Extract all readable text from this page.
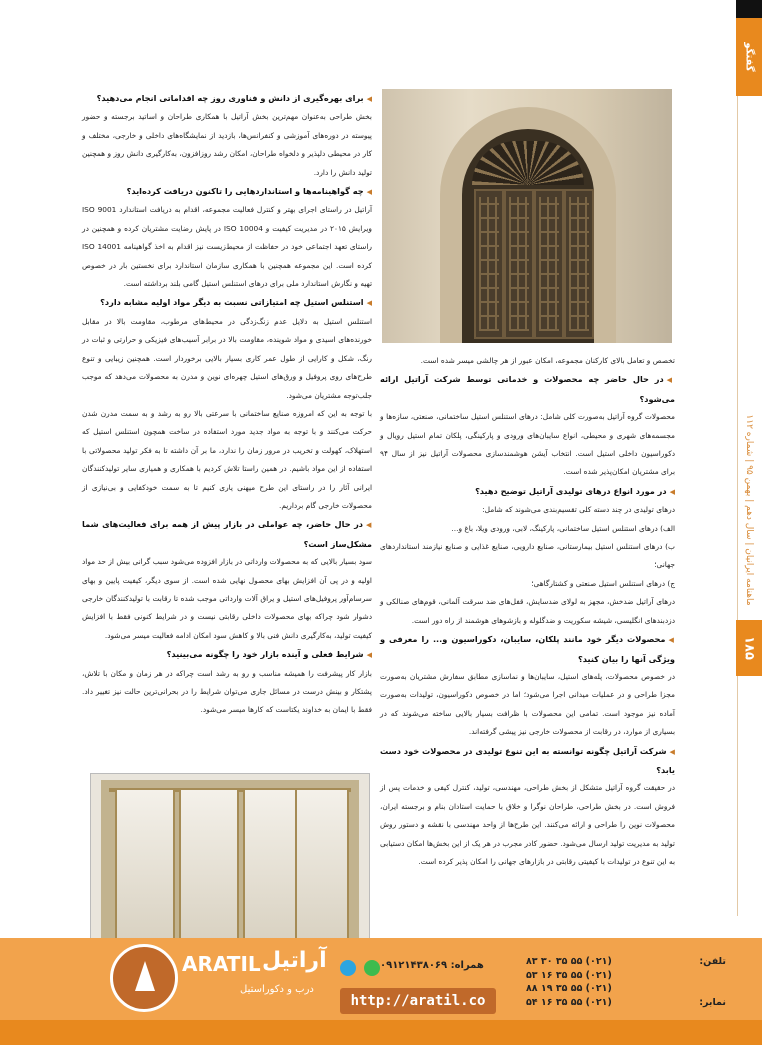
گفتگو
ماهنامه ایرانیان | سال دهم | بهمن ۹۵ | شماره ۱۱۲
۱۸۵

تخصص و تعامل بالای کارکنان مجموعه، امکان عبور از هر چالشی میسر شده است.

◀ در حال حاضر چه محصولات و خدماتی توسط شرکت آراتیل ارائه می‌شود؟

محصولات گروه آراتیل به‌صورت کلی شامل: درهای استنلس استیل ساختمانی، صنعتی، سازه‌ها و مجسمه‌های شهری و محیطی، انواع سایبان‌های ورودی و پارکینگی، پلکان تمام استیل رویال و دکوراسیون داخلی استیل است. انتخاب آیشن هوشمندسازی محصولات آراتیل نیز از سال ۹۴ برای مشتریان امکان‌پذیر شده است.

◀ در مورد انواع درهای تولیدی آراتیل توضیح دهید؟

درهای تولیدی در چند دسته کلی تقسیم‌بندی می‌شوند که شامل:

الف) درهای استنلس استیل ساختمانی، پارکینگ، لابی، ورودی ویلا، باغ و...

ب) درهای استنلس استیل بیمارستانی، صنایع دارویی، صنایع غذایی و صنایع نیازمند استانداردهای جهانی؛

ج) درهای استنلس استیل صنعتی و کشتارگاهی؛

درهای آراتیل ضدخش، مجهز به لولای ضدسایش، قفل‌های ضد سرقت آلمانی، قوم‌های صنالکی و دزدبندهای انگلیسی، شیشه سکوریت و ضدگلوله و بازشوهای هوشمند از راه دور است.

◀ محصولات دیگر خود مانند پلکان، سایبان، دکوراسیون و... را معرفی و ویژگی آنها را بیان کنید؟

در خصوص محصولات، پله‌های استیل، سایبان‌ها و نماسازی مطابق سفارش مشتریان به‌صورت مجزا طراحی و در عملیات میدانی اجرا می‌شود؛ اما در خصوص دکوراسیون، تولیدات به‌صورت آماده نیز موجود است. تمامی این محصولات با ظرافت بسیار بالایی ساخته می‌شوند که در بسیاری از موارد، در رقابت از محصولات خارجی نیز پیشی گرفته‌اند.

◀ شرکت آراتیل چگونه توانسته به این تنوع تولیدی در محصولات خود دست یابد؟

در حقیقت گروه آراتیل متشکل از بخش طراحی، مهندسی، تولید، کنترل کیفی و خدمات پس از فروش است. در بخش طراحی، طراحان نوگرا و خلاق با حمایت استادان بنام و برجسته ایران، محصولات نوین را طراحی و ارائه می‌کنند. این طرح‌ها از واحد مهندسی با نقشه و دستور روش تولید به مدیریت تولید ارسال می‌شود. حضور کادر مجرب در هر یک از این بخش‌ها امکان دستیابی به این تنوع در تولیدات با کیفیتی رقابتی در بازارهای جهانی را امکان پذیر کرده است.

◀ برای بهره‌گیری از دانش و فناوری روز چه اقداماتی انجام می‌دهید؟

بخش طراحی به‌عنوان مهم‌ترین بخش آراتیل با همکاری طراحان و اساتید برجسته و حضور پیوسته در دوره‌های آموزشی و کنفرانس‌ها، بازدید از نمایشگاه‌های داخلی و خارجی، مختلف و کار در محیطی دلپذیر و دلخواه طراحان، امکان رشد روزافزون، به‌کارگیری دانش روز و همچنین تولید دانش را دارد.

◀ چه گواهینامه‌ها و استانداردهایی را تاکنون دریافت کرده‌اید؟

آراتیل در راستای اجرای بهتر و کنترل فعالیت مجموعه، اقدام به دریافت استاندارد ISO 9001 ویرایش ۲۰۱۵ در مدیریت کیفیت و ISO 10004 در پایش رضایت مشتریان کرده و همچنین در راستای تعهد اجتماعی خود در حفاظت از محیط‌زیست نیز اقدام به اخذ گواهینامه ISO 14001 کرده است. این مجموعه همچنین با همکاری سازمان استاندارد برای نخستین بار در خصوص تهیه و نگارش استاندارد ملی برای درهای استنلس استیل گامی بلند برداشته است.

◀ استنلس استیل چه امتیازاتی نسبت به دیگر مواد اولیه مشابه دارد؟

استنلس استیل به دلایل عدم زنگ‌زدگی در محیط‌های مرطوب، مقاومت بالا در مقابل خورنده‌های اسیدی و مواد شوینده، مقاومت بالا در برابر آسیب‌های فیزیکی و حرارتی و ثبات در رنگ، شکل و کارایی از طول عمر کاری بسیار بالایی برخوردار است. همچنین زیبایی و تنوع طرح‌های روی پروفیل و ورق‌های استیل چهره‌ای نوین و مدرن به محصولات می‌دهد که موجب جلب‌توجه مشتریان می‌شود.

با توجه به این که امروزه صنایع ساختمانی با سرعتی بالا رو به رشد و به سمت مدرن شدن حرکت می‌کنند و با توجه به مواد جدید مورد استفاده در ساخت همچون استنلس استیل که استهلاک، کهولت و تخریب در مرور زمان را ندارد، ما بر آن داشته تا به فکر تولید محصولاتی با استفاده از این مواد باشیم. در همین راستا تلاش کردیم با همکاری و همیاری سایر تولیدکنندگان ایرانی آثار را در راستای این طرح میهنی یاری کنیم تا به سمت خودکفایی و بی‌نیازی از محصولات خارجی گام برداریم.

◀ در حال حاضر، چه عواملی در بازار پیش از همه برای فعالیت‌های شما مشکل‌ساز است؟

سود بسیار بالایی که به محصولات وارداتی در بازار افزوده می‌شود سبب گرانی بیش از حد مواد اولیه و در پی آن افزایش بهای محصول نهایی شده است. از سوی دیگر، کیفیت پایین و بهای سرسام‌آور پروفیل‌های استیل و یراق آلات وارداتی موجب شده تا رقابت با تولیدکنندگان خارجی دشوار شود چراکه بهای محصولات داخلی رقابتی نیست و در شرایط کنونی فقط با افزایش کیفیت تولید، به‌کارگیری دانش فنی بالا و کاهش سود امکان ادامه فعالیت میسر می‌شود.

◀ شرایط فعلی و آینده بازار خود را چگونه می‌بینید؟

بازار کار پیشرفت را همیشه مناسب و رو به رشد است چراکه در هر زمان و مکان با تلاش، پشتکار و بینش درست در مسائل جاری می‌توان شرایط را در بحرانی‌ترین حالت نیز تغییر داد. فقط با ایمان به خداوند یکتاست که کارها میسر می‌شود.

ARATIL آراتیل
درب و دکوراستیل

همراه: ۰۹۱۲۱۴۳۸۰۶۹
http://aratil.co
تلفن:
(۰۲۱) ۵۵ ۳۵ ۳۰ ۸۳
(۰۲۱) ۵۵ ۳۵ ۱۶ ۵۳
(۰۲۱) ۵۵ ۳۵ ۱۹ ۸۸
نمابر:
(۰۲۱) ۵۵ ۳۵ ۱۶ ۵۴
